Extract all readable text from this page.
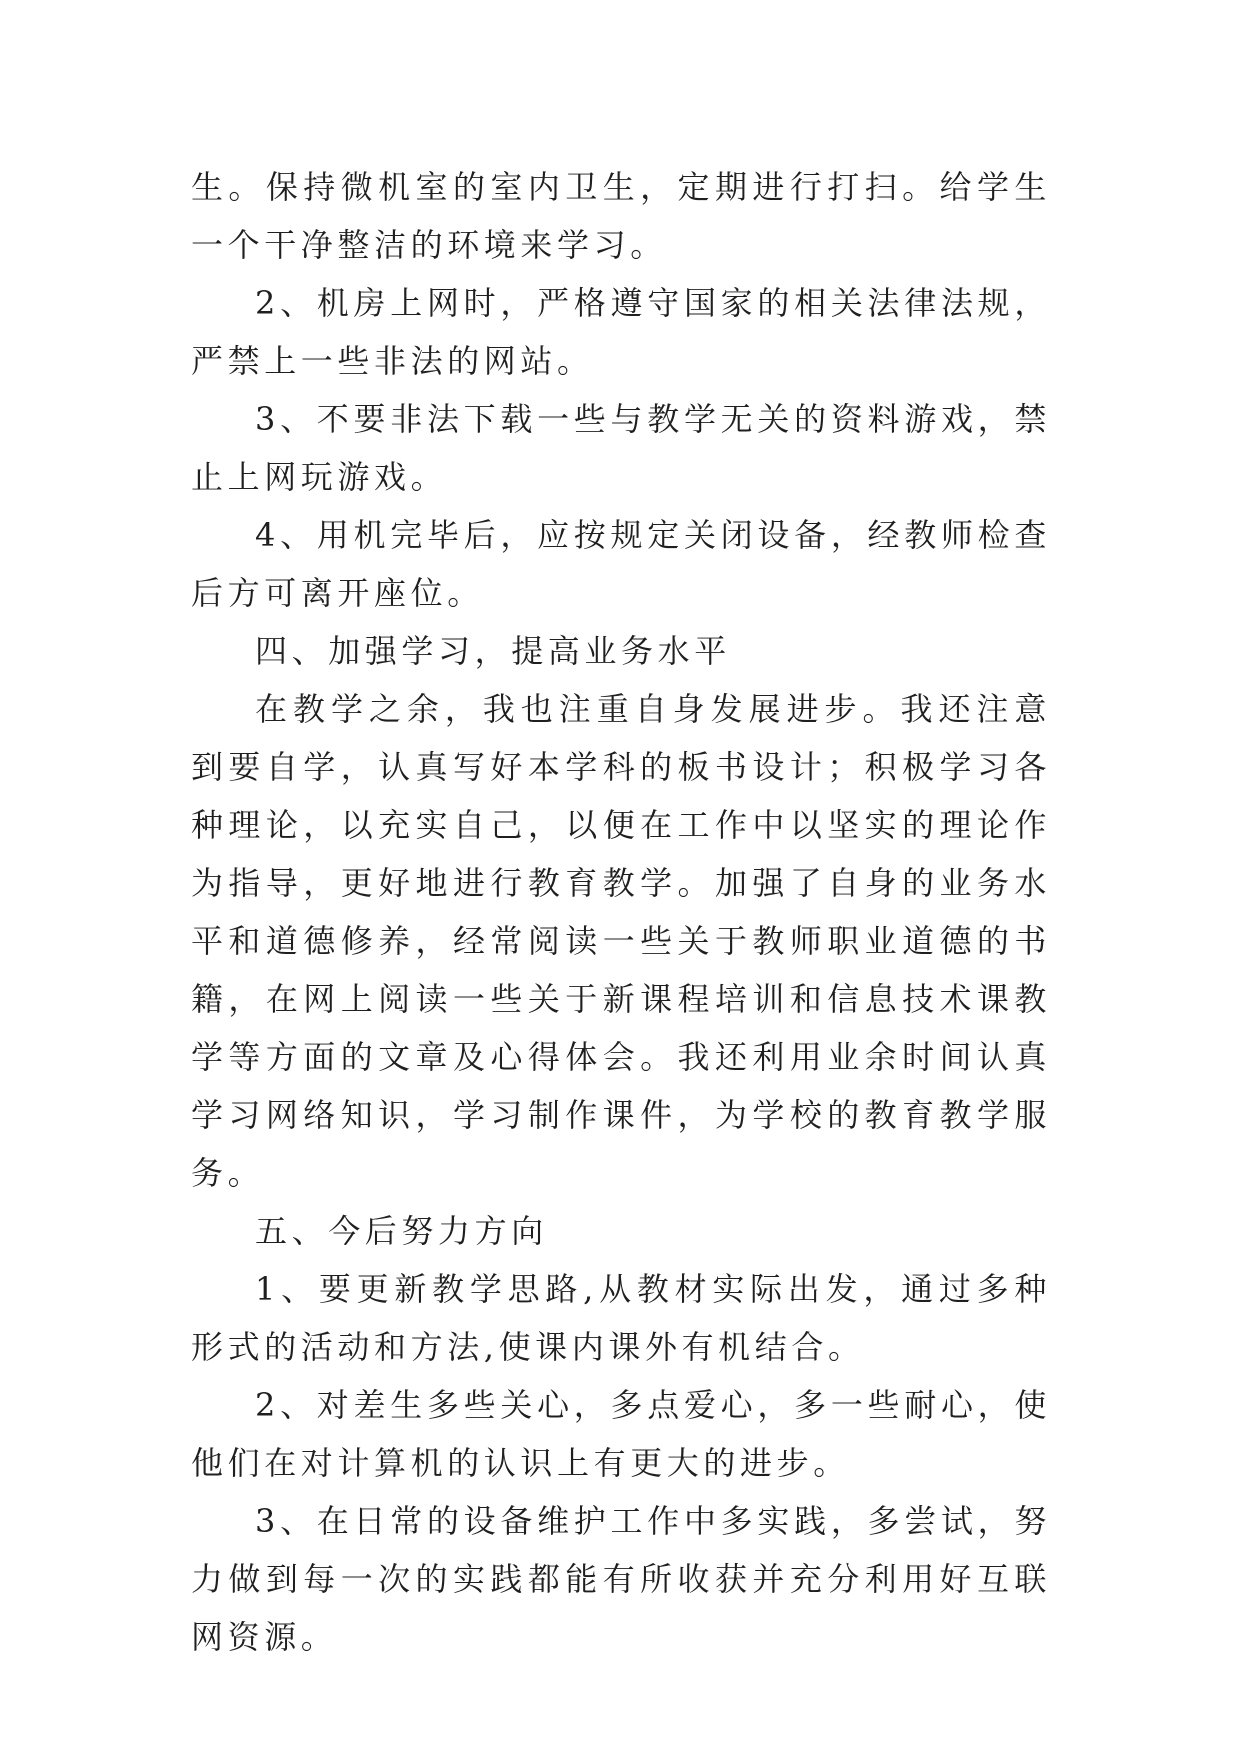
生。保持微机室的室内卫生，定期进行打扫。给学生一个干净整洁的环境来学习。

2、机房上网时，严格遵守国家的相关法律法规，严禁上一些非法的网站。

3、不要非法下载一些与教学无关的资料游戏，禁止上网玩游戏。

4、用机完毕后，应按规定关闭设备，经教师检查后方可离开座位。

四、加强学习，提高业务水平

在教学之余，我也注重自身发展进步。我还注意到要自学，认真写好本学科的板书设计；积极学习各种理论，以充实自己，以便在工作中以坚实的理论作为指导，更好地进行教育教学。加强了自身的业务水平和道德修养，经常阅读一些关于教师职业道德的书籍，在网上阅读一些关于新课程培训和信息技术课教学等方面的文章及心得体会。我还利用业余时间认真学习网络知识，学习制作课件，为学校的教育教学服务。

五、今后努力方向

1、要更新教学思路,从教材实际出发，通过多种形式的活动和方法,使课内课外有机结合。

2、对差生多些关心，多点爱心，多一些耐心，使他们在对计算机的认识上有更大的进步。

3、在日常的设备维护工作中多实践，多尝试，努力做到每一次的实践都能有所收获并充分利用好互联网资源。
